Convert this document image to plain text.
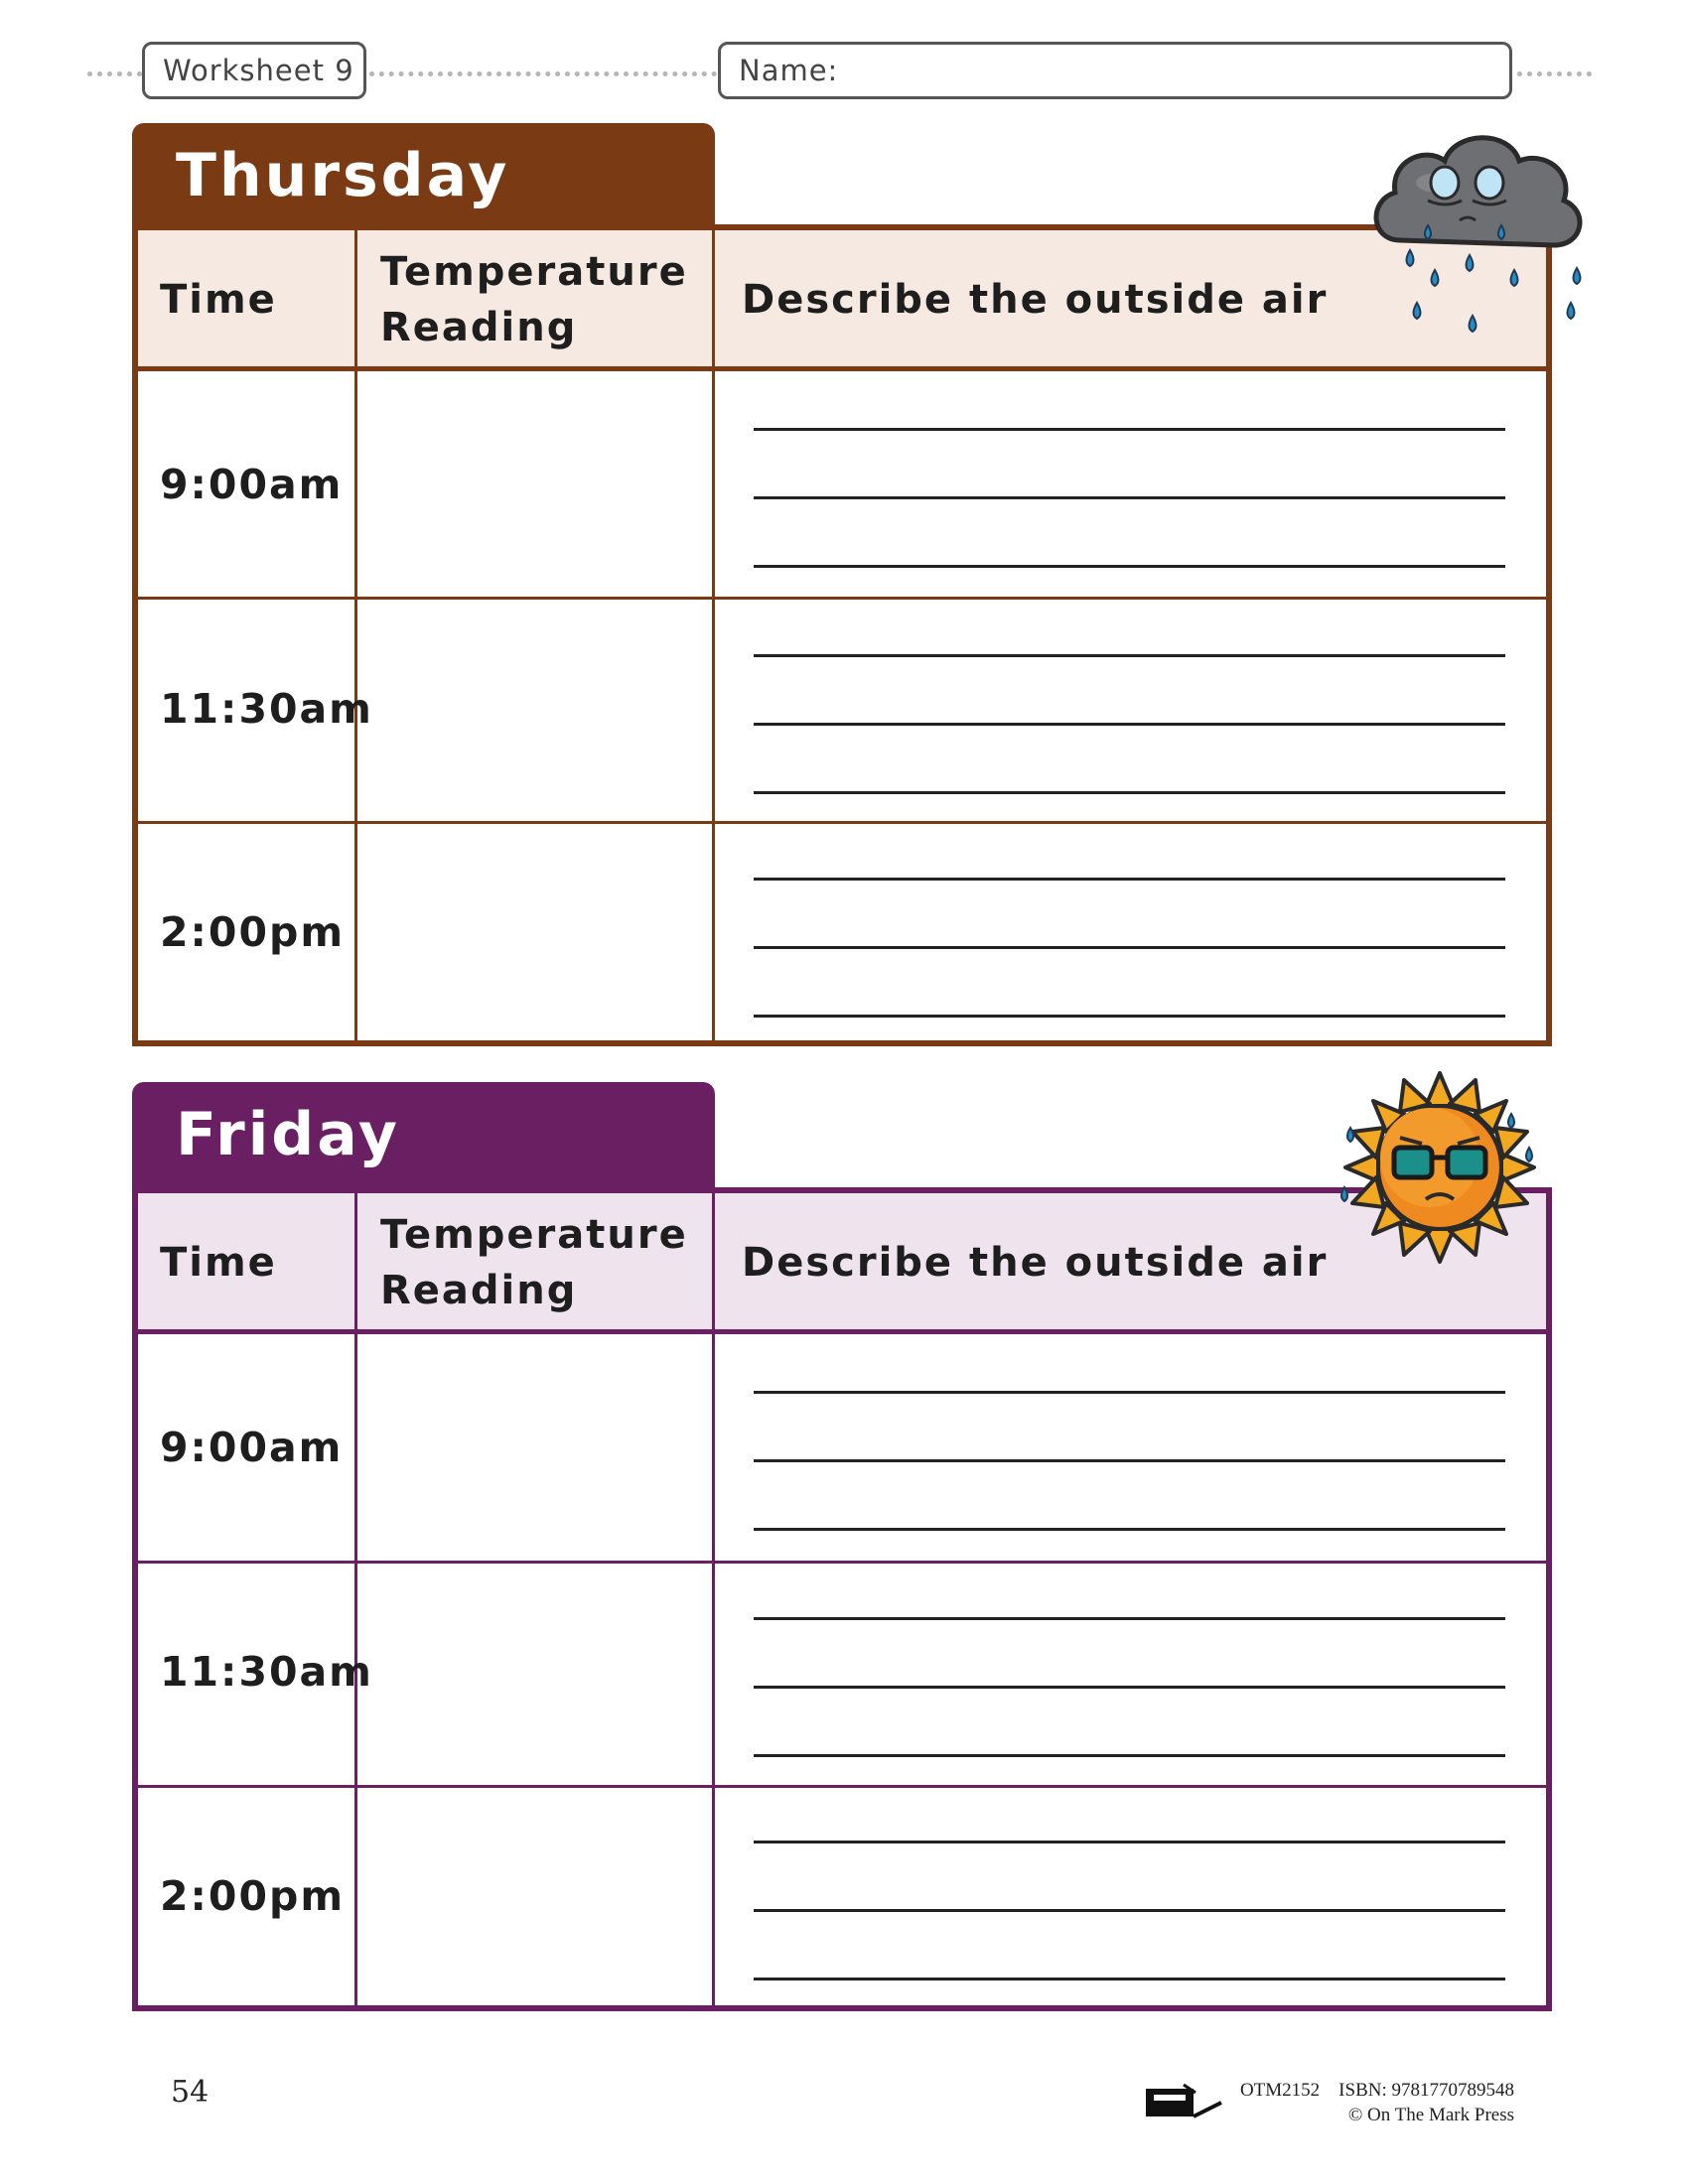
Worksheet 9	Name:
Thursday
Time
Temperature
Reading
Describe the outside air
9:00am
11:30am
2:00pm
Friday
Time
Temperature
Reading
Describe the outside air
9:00am
11:30am
2:00pm
54	OTM2152    ISBN: 9781770789548
© On The Mark Press
